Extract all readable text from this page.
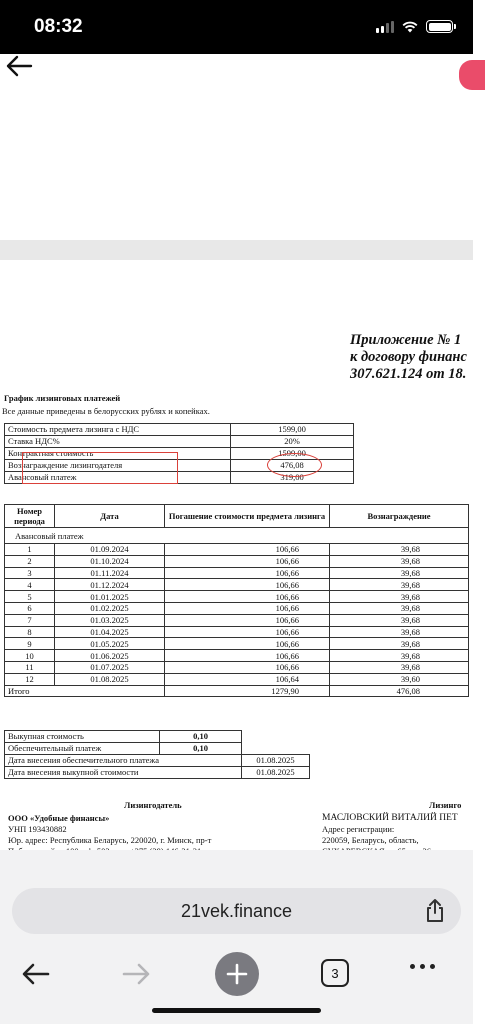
08:32
Приложение № 1
к договору финанс
307.621.124 от 18.
График лизинговых платежей
Все данные приведены в белорусских рублях и копейках.
Стоимость предмета лизинга с НДС	1599,00
Ставка НДС%	20%
Контрактная стоимость	1599,00
Вознаграждение лизингодателя	476,08
Авансовый платеж	319,00
Номер периода	Дата	Погашение стоимости предмета лизинга	Вознаграждение
Авансовый платеж			
1	01.09.2024	106,66	39,68
2	01.10.2024	106,66	39,68
3	01.11.2024	106,66	39,68
4	01.12.2024	106,66	39,68
5	01.01.2025	106,66	39,68
6	01.02.2025	106,66	39,68
7	01.03.2025	106,66	39,68
8	01.04.2025	106,66	39,68
9	01.05.2025	106,66	39,68
10	01.06.2025	106,66	39,68
11	01.07.2025	106,66	39,68
12	01.08.2025	106,64	39,60
Итого		1279,90	476,08
Выкупная стоимость	0,10	
Обеспечительный платеж	0,10	
Дата внесения обеспечительного платежа		01.08.2025
Дата внесения выкупной стоимости		01.08.2025
Лизингодатель
ООО «Удобные финансы»
УНП 193430882
Юр. адрес: Республика Беларусь, 220020, г. Минск, пр-т
Лизинго
МАСЛОВСКИЙ ВИТАЛИЙ ПЕТ
Адрес регистрации:
220059, Беларусь, область,
21vek.finance
3
